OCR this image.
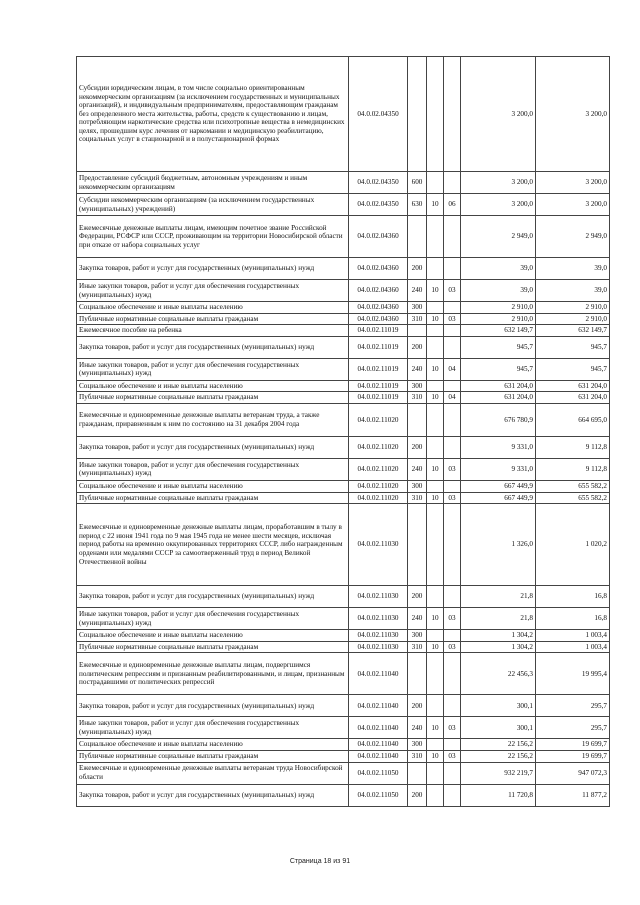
Субсидии юридическим лицам, в том числе социально ориентированным некоммерческим организациям (за исключением государственных и муниципальных организаций), и индивидуальным предпринимателям, предоставляющим гражданам без определенного места жительства, работы, средств к существованию и лицам, потребляющим наркотические средства или психотропные вещества в немедицинских целях, прошедшим курс лечения от наркомании и медицинскую реабилитацию, социальных услуг в стационарной и в полустационарной формах	04.0.02.04350				3 200,0	3 200,0
Предоставление субсидий бюджетным, автономным учреждениям и иным некоммерческим организациям	04.0.02.04350	600			3 200,0	3 200,0
Субсидии некоммерческим организациям (за исключением государственных (муниципальных) учреждений)	04.0.02.04350	630	10	06	3 200,0	3 200,0
Ежемесячные денежные выплаты лицам, имеющим почетное звание Российской Федерации, РСФСР или СССР, проживающим на территории Новосибирской области при отказе от набора социальных услуг	04.0.02.04360				2 949,0	2 949,0
Закупка товаров, работ и услуг для государственных (муниципальных) нужд	04.0.02.04360	200			39,0	39,0
Иные закупки товаров, работ и услуг для обеспечения государственных (муниципальных) нужд	04.0.02.04360	240	10	03	39,0	39,0
Социальное обеспечение и иные выплаты населению	04.0.02.04360	300			2 910,0	2 910,0
Публичные нормативные социальные выплаты гражданам	04.0.02.04360	310	10	03	2 910,0	2 910,0
Ежемесячное пособие на ребенка	04.0.02.11019				632 149,7	632 149,7
Закупка товаров, работ и услуг для государственных (муниципальных) нужд	04.0.02.11019	200			945,7	945,7
Иные закупки товаров, работ и услуг для обеспечения государственных (муниципальных) нужд	04.0.02.11019	240	10	04	945,7	945,7
Социальное обеспечение и иные выплаты населению	04.0.02.11019	300			631 204,0	631 204,0
Публичные нормативные социальные выплаты гражданам	04.0.02.11019	310	10	04	631 204,0	631 204,0
Ежемесячные и единовременные денежные выплаты ветеранам труда, а также гражданам, приравненным к ним по состоянию на 31 декабря 2004 года	04.0.02.11020				676 780,9	664 695,0
Закупка товаров, работ и услуг для государственных (муниципальных) нужд	04.0.02.11020	200			9 331,0	9 112,8
Иные закупки товаров, работ и услуг для обеспечения государственных (муниципальных) нужд	04.0.02.11020	240	10	03	9 331,0	9 112,8
Социальное обеспечение и иные выплаты населению	04.0.02.11020	300			667 449,9	655 582,2
Публичные нормативные социальные выплаты гражданам	04.0.02.11020	310	10	03	667 449,9	655 582,2
Ежемесячные и единовременные денежные выплаты лицам, проработавшим в тылу в период с 22 июня 1941 года по 9 мая 1945 года не менее шести месяцев, исключая период работы на временно оккупированных территориях СССР, либо награжденным орденами или медалями СССР за самоотверженный труд в период Великой Отечественной войны	04.0.02.11030				1 326,0	1 020,2
Закупка товаров, работ и услуг для государственных (муниципальных) нужд	04.0.02.11030	200			21,8	16,8
Иные закупки товаров, работ и услуг для обеспечения государственных (муниципальных) нужд	04.0.02.11030	240	10	03	21,8	16,8
Социальное обеспечение и иные выплаты населению	04.0.02.11030	300			1 304,2	1 003,4
Публичные нормативные социальные выплаты гражданам	04.0.02.11030	310	10	03	1 304,2	1 003,4
Ежемесячные и единовременные денежные выплаты лицам, подвергшимся политическим репрессиям и признанным реабилитированными, и лицам, признанным пострадавшими от политических репрессий	04.0.02.11040				22 456,3	19 995,4
Закупка товаров, работ и услуг для государственных (муниципальных) нужд	04.0.02.11040	200			300,1	295,7
Иные закупки товаров, работ и услуг для обеспечения государственных (муниципальных) нужд	04.0.02.11040	240	10	03	300,1	295,7
Социальное обеспечение и иные выплаты населению	04.0.02.11040	300			22 156,2	19 699,7
Публичные нормативные социальные выплаты гражданам	04.0.02.11040	310	10	03	22 156,2	19 699,7
Ежемесячные и единовременные денежные выплаты ветеранам труда Новосибирской области	04.0.02.11050				932 219,7	947 072,3
Закупка товаров, работ и услуг для государственных (муниципальных) нужд	04.0.02.11050	200			11 720,8	11 877,2
Страница 18 из 91
